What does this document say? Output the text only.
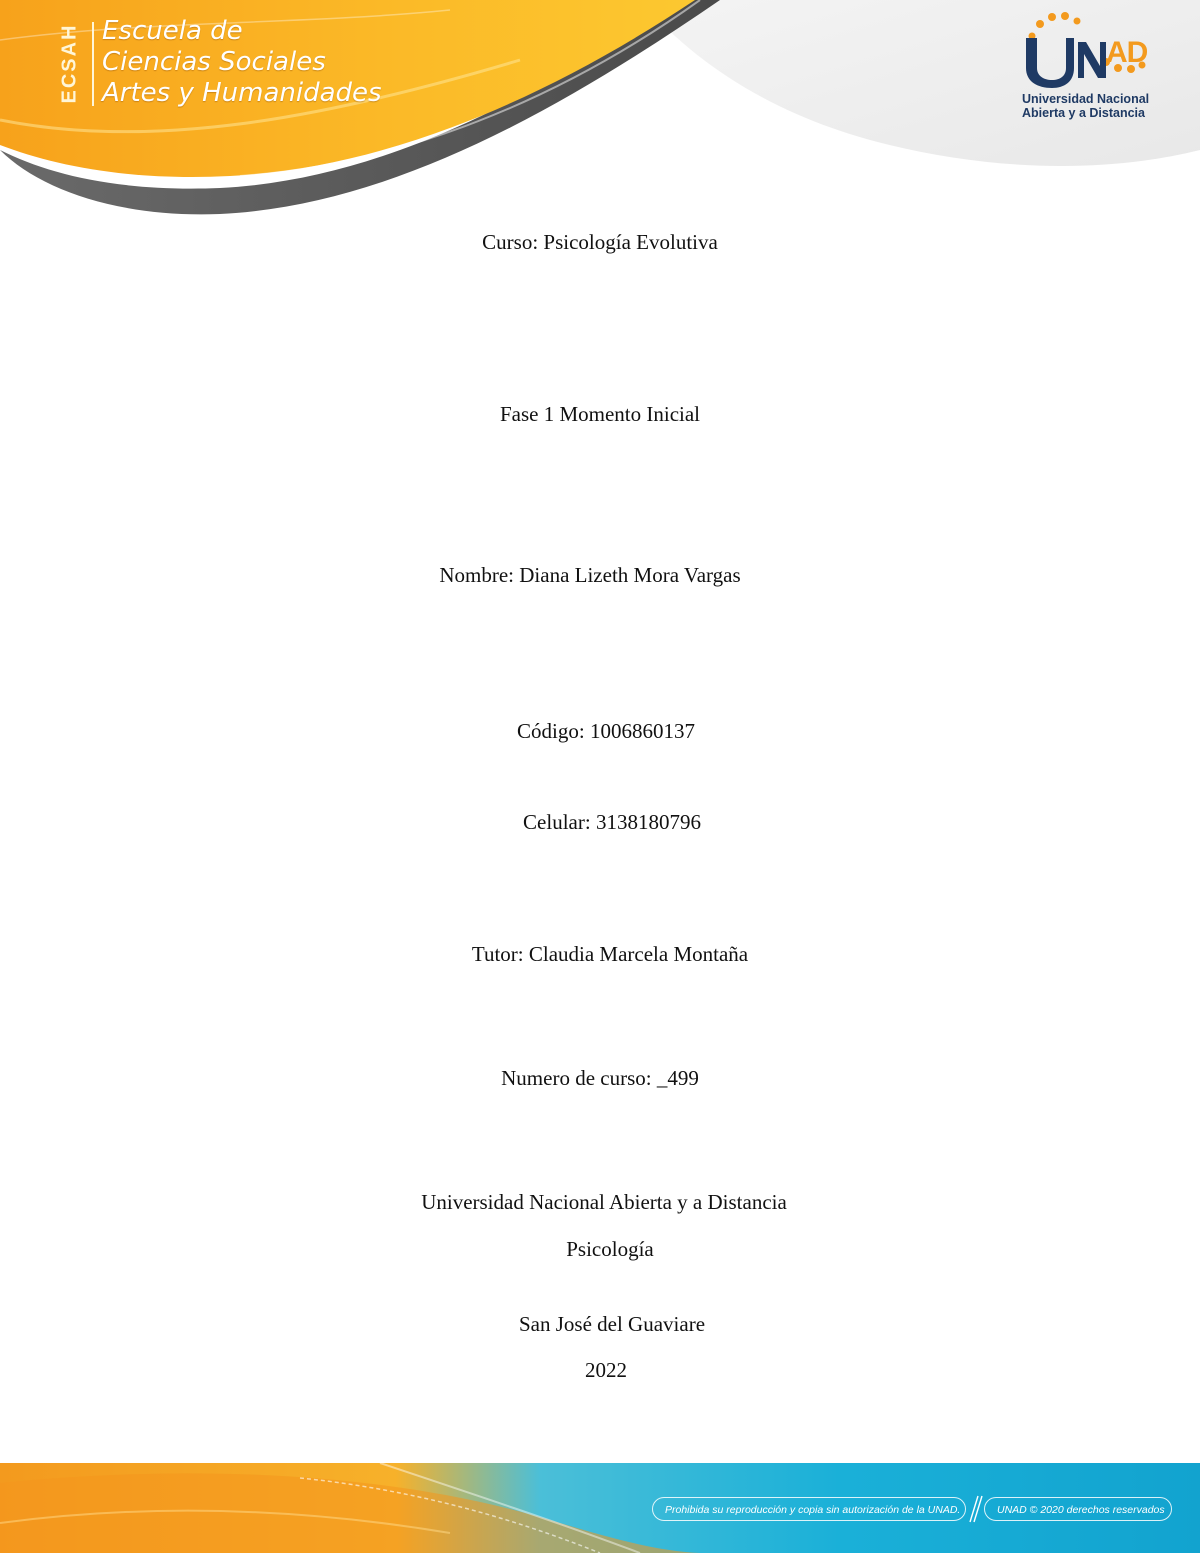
ECSAH Escuela de
Ciencias Sociales
Artes y Humanidades
AD
Universidad Nacional
Abierta y a Distancia
Curso: Psicología Evolutiva
Fase 1 Momento Inicial
Nombre: Diana Lizeth Mora Vargas
Código: 1006860137
Celular: 3138180796
Tutor: Claudia Marcela Montaña
Numero de curso: _499
Universidad Nacional Abierta y a Distancia
Psicología
San José del Guaviare
2022
Prohibida su reproducción y copia sin autorización de la UNAD.	UNAD © 2020 derechos reservados
